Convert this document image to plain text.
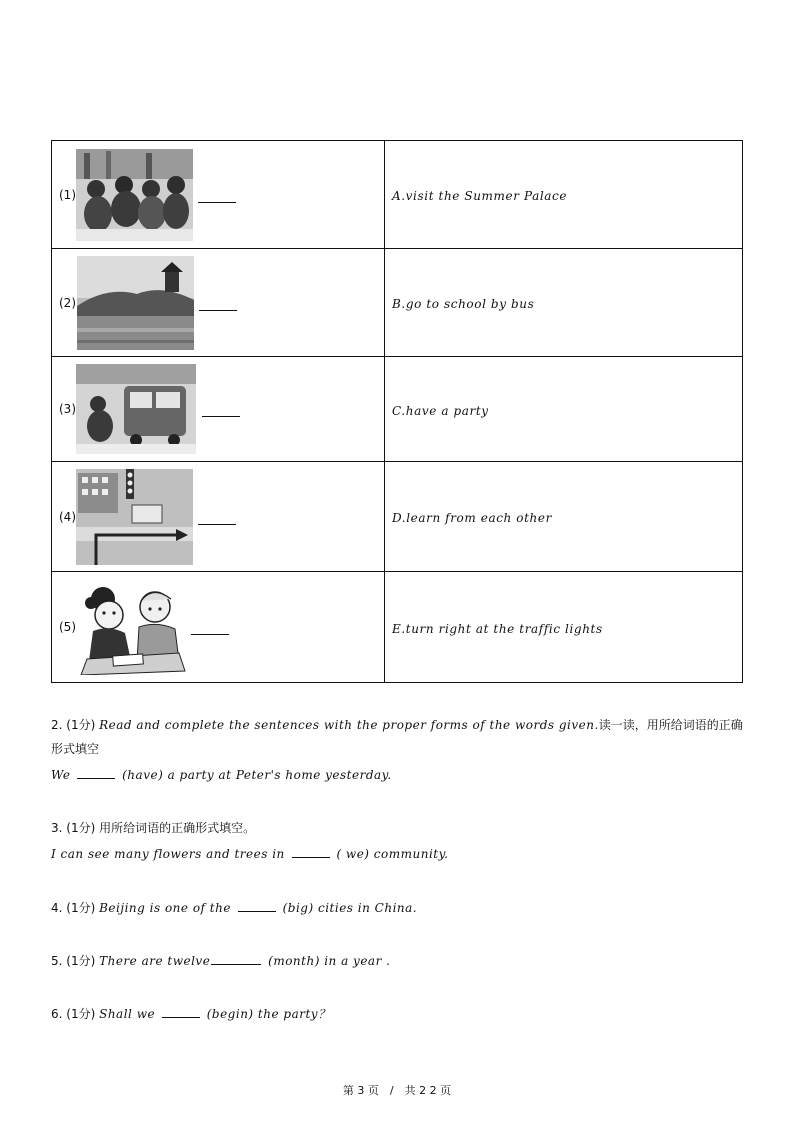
(1)	A.visit the Summer Palace

(2)	B.go to school by bus

(3)	C.have a party

(4)	D.learn from each other

(5)	E.turn right at the traffic lights
2. (1分) Read and complete the sentences with the proper forms of the words given.读一读，用所给词语的正确
形式填空
We	(have) a party at Peter's home yesterday.
3. (1分) 用所给词语的正确形式填空。
I can see many flowers and trees in	( we) community.
4. (1分) Beijing is one of the	(big) cities in China.
5. (1分) There are twelve	(month) in a year .
6. (1分) Shall we	(begin) the party？
第 3 页　/　共 2 2 页
